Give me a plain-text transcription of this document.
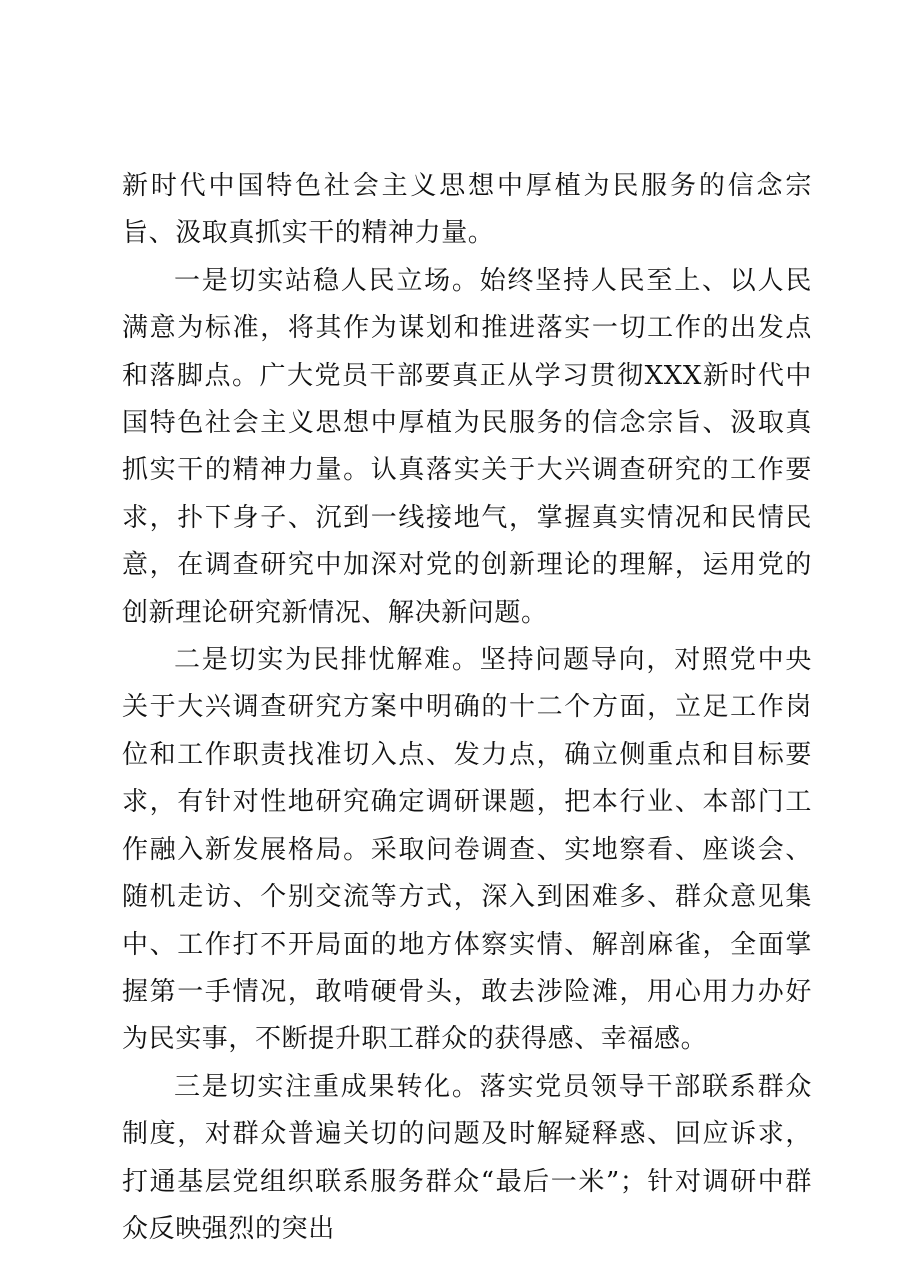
新时代中国特色社会主义思想中厚植为民服务的信念宗旨、汲取真抓实干的精神力量。

一是切实站稳人民立场。始终坚持人民至上、以人民满意为标准，将其作为谋划和推进落实一切工作的出发点和落脚点。广大党员干部要真正从学习贯彻XXX新时代中国特色社会主义思想中厚植为民服务的信念宗旨、汲取真抓实干的精神力量。认真落实关于大兴调查研究的工作要求，扑下身子、沉到一线接地气，掌握真实情况和民情民意，在调查研究中加深对党的创新理论的理解，运用党的创新理论研究新情况、解决新问题。

二是切实为民排忧解难。坚持问题导向，对照党中央关于大兴调查研究方案中明确的十二个方面，立足工作岗位和工作职责找准切入点、发力点，确立侧重点和目标要求，有针对性地研究确定调研课题，把本行业、本部门工作融入新发展格局。采取问卷调查、实地察看、座谈会、随机走访、个别交流等方式，深入到困难多、群众意见集中、工作打不开局面的地方体察实情、解剖麻雀，全面掌握第一手情况，敢啃硬骨头，敢去涉险滩，用心用力办好为民实事，不断提升职工群众的获得感、幸福感。

三是切实注重成果转化。落实党员领导干部联系群众制度，对群众普遍关切的问题及时解疑释惑、回应诉求，打通基层党组织联系服务群众“最后一米”；针对调研中群众反映强烈的突出
